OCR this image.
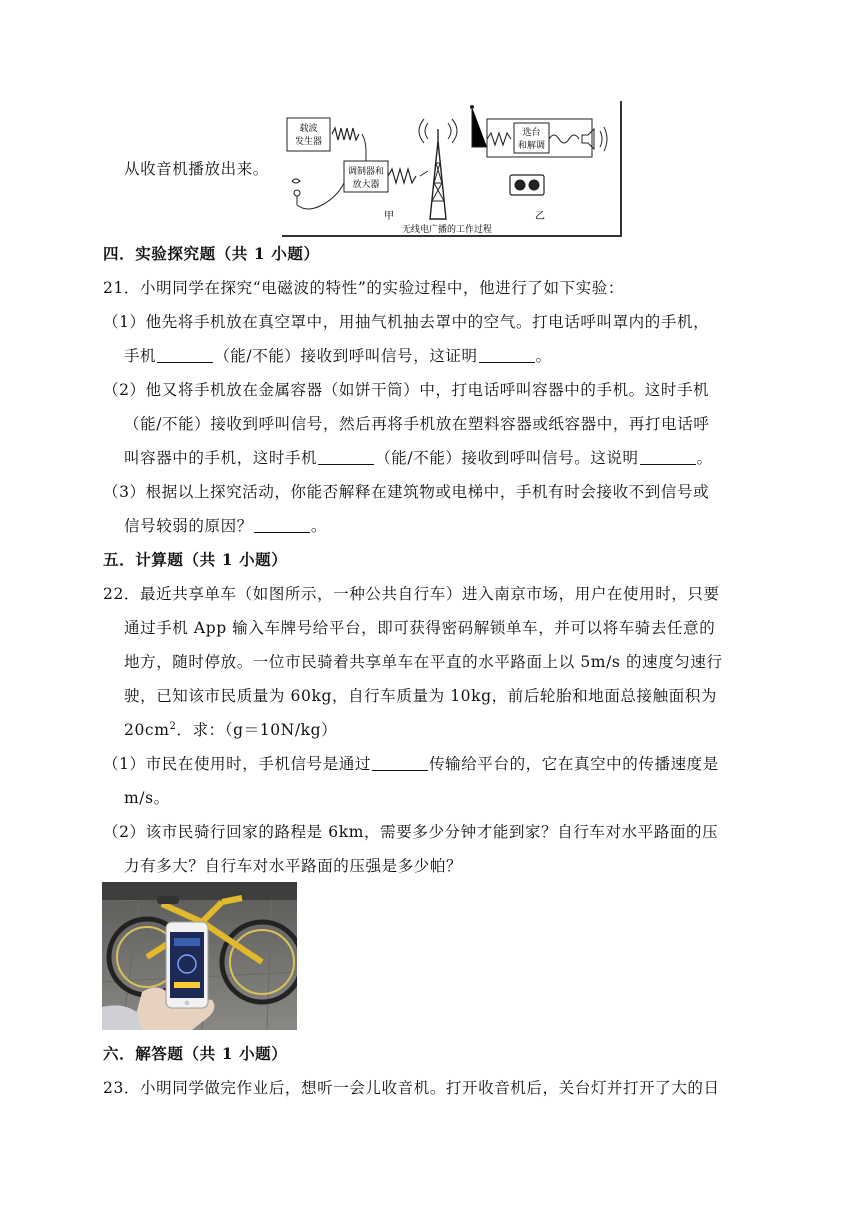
从收音机播放出来。
载波
发生器
调制器和
放大器
甲
选台
和解调
乙
无线电广播的工作过程
四．实验探究题（共 1 小题）
21．小明同学在探究“电磁波的特性”的实验过程中，他进行了如下实验：
（1）他先将手机放在真空罩中，用抽气机抽去罩中的空气。打电话呼叫罩内的手机，
手机	（能/不能）接收到呼叫信号，这证明	。
（2）他又将手机放在金属容器（如饼干筒）中，打电话呼叫容器中的手机。这时手机
（能/不能）接收到呼叫信号，然后再将手机放在塑料容器或纸容器中，再打电话呼
叫容器中的手机，这时手机	（能/不能）接收到呼叫信号。这说明	。
（3）根据以上探究活动，你能否解释在建筑物或电梯中，手机有时会接收不到信号或
信号较弱的原因？	。
五．计算题（共 1 小题）
22．最近共享单车（如图所示，一种公共自行车）进入南京市场，用户在使用时，只要
通过手机 App 输入车牌号给平台，即可获得密码解锁单车，并可以将车骑去任意的
地方，随时停放。一位市民骑着共享单车在平直的水平路面上以 5m/s 的速度匀速行
驶，已知该市民质量为 60kg，自行车质量为 10kg，前后轮胎和地面总接触面积为
$20cm^2$．求：（g＝10N/kg）
（1）市民在使用时，手机信号是通过	传输给平台的，它在真空中的传播速度是
m/s。
（2）该市民骑行回家的路程是 6km，需要多少分钟才能到家？自行车对水平路面的压
力有多大？自行车对水平路面的压强是多少帕？
六．解答题（共 1 小题）
23．小明同学做完作业后，想听一会儿收音机。打开收音机后，关台灯并打开了大的日
